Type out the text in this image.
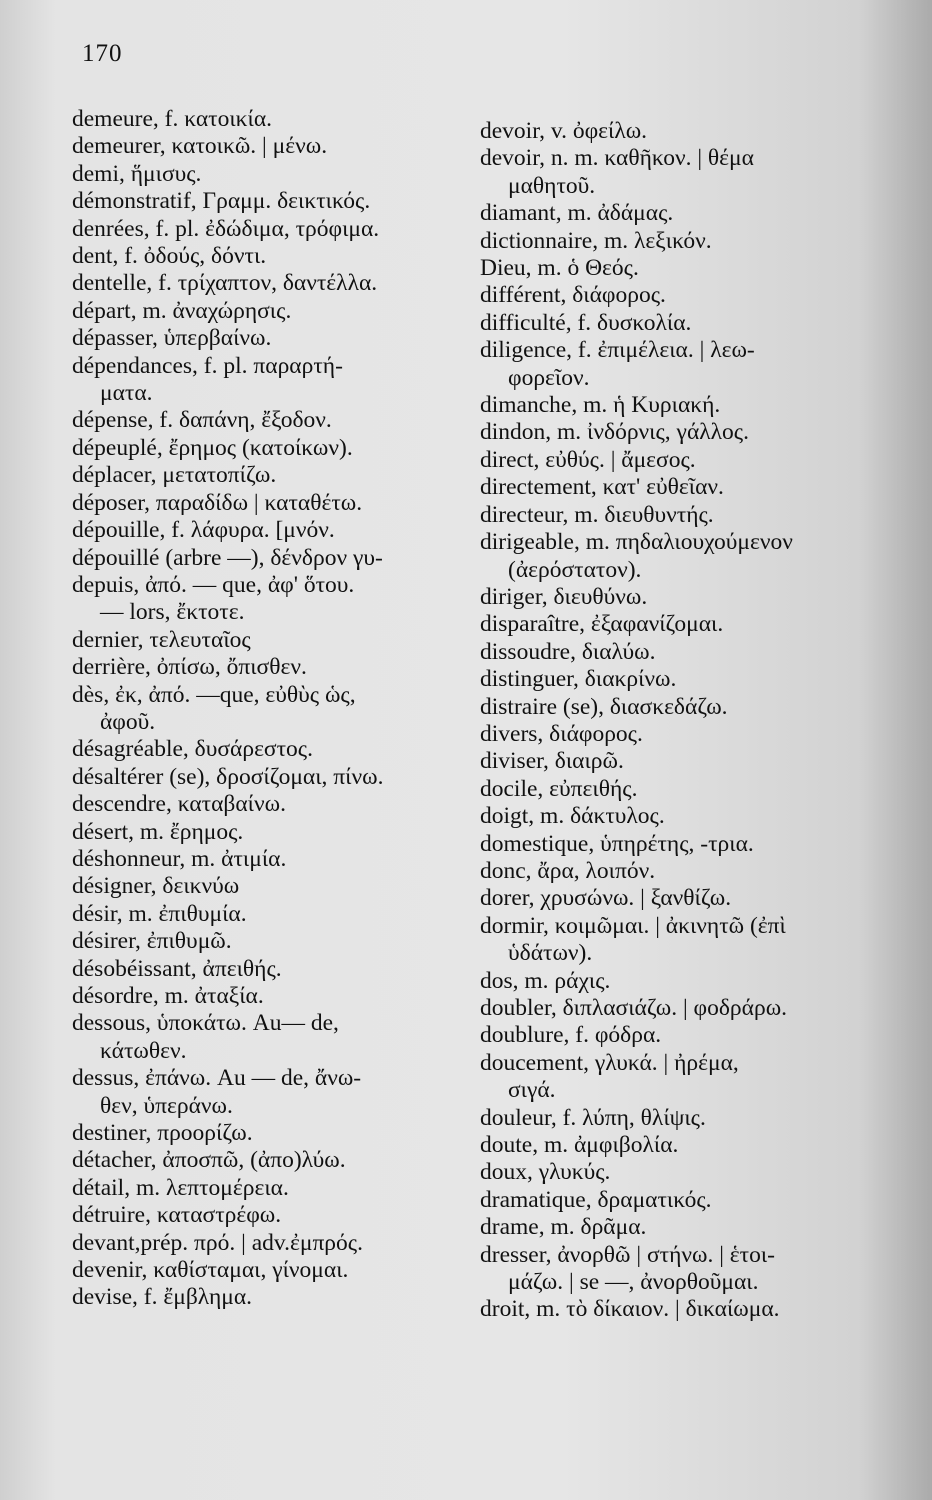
170
demeure, f. κατοικία.
demeurer, κατοικῶ. | μένω.
demi, ἥμισυς.
démonstratif, Γραμμ. δεικτικός.
denrées, f. pl. ἐδώδιμα, τρόφιμα.
dent, f. ὀδούς, δόντι.
dentelle, f. τρίχαπτον, δαντέλλα.
départ, m. ἀναχώρησις.
dépasser, ὑπερβαίνω.
dépendances, f. pl. παραρτή-
ματα.
dépense, f. δαπάνη, ἔξοδον.
dépeuplé, ἔρημος (κατοίκων).
déplacer, μετατοπίζω.
déposer, παραδίδω | καταθέτω.
dépouille, f. λάφυρα. [μνόν.
dépouillé (arbre —), δένδρον γυ-
depuis, ἀπό. — que, ἀφ' ὅτου.
— lors, ἔκτοτε.
dernier, τελευταῖος
derrière, ὀπίσω, ὄπισθεν.
dès, ἐκ, ἀπό. —que, εὐθὺς ὡς,
ἀφοῦ.
désagréable, δυσάρεστος.
désaltérer (se), δροσίζομαι, πίνω.
descendre, καταβαίνω.
désert, m. ἔρημος.
déshonneur, m. ἀτιμία.
désigner, δεικνύω
désir, m. ἐπιθυμία.
désirer, ἐπιθυμῶ.
désobéissant, ἀπειθής.
désordre, m. ἀταξία.
dessous, ὑποκάτω. Au— de,
κάτωθεν.
dessus, ἐπάνω. Au — de, ἄνω-
θεν, ὑπεράνω.
destiner, προορίζω.
détacher, ἀποσπῶ, (ἀπο)λύω.
détail, m. λεπτομέρεια.
détruire, καταστρέφω.
devant,prép. πρό. | adv.ἐμπρός.
devenir, καθίσταμαι, γίνομαι.
devise, f. ἔμβλημα.
devoir, v. ὀφείλω.
devoir, n. m. καθῆκον. | θέμα
μαθητοῦ.
diamant, m. ἀδάμας.
dictionnaire, m. λεξικόν.
Dieu, m. ὁ Θεός.
différent, διάφορος.
difficulté, f. δυσκολία.
diligence, f. ἐπιμέλεια. | λεω-
φορεῖον.
dimanche, m. ἡ Κυριακή.
dindon, m. ἰνδόρνις, γάλλος.
direct, εὐθύς. | ἄμεσος.
directement, κατ' εὐθεῖαν.
directeur, m. διευθυντής.
dirigeable, m. πηδαλιουχούμενον
(ἀερόστατον).
diriger, διευθύνω.
disparaître, ἐξαφανίζομαι.
dissoudre, διαλύω.
distinguer, διακρίνω.
distraire (se), διασκεδάζω.
divers, διάφορος.
diviser, διαιρῶ.
docile, εὐπειθής.
doigt, m. δάκτυλος.
domestique, ὑπηρέτης, -τρια.
donc, ἄρα, λοιπόν.
dorer, χρυσώνω. | ξανθίζω.
dormir, κοιμῶμαι. | ἀκινητῶ (ἐπὶ
ὑδάτων).
dos, m. ράχις.
doubler, διπλασιάζω. | φοδράρω.
doublure, f. φόδρα.
doucement, γλυκά. | ἠρέμα,
σιγά.
douleur, f. λύπη, θλίψις.
doute, m. ἀμφιβολία.
doux, γλυκύς.
dramatique, δραματικός.
drame, m. δρᾶμα.
dresser, ἀνορθῶ | στήνω. | ἑτοι-
μάζω. | se —, ἀνορθοῦμαι.
droit, m. τὸ δίκαιον. | δικαίωμα.
